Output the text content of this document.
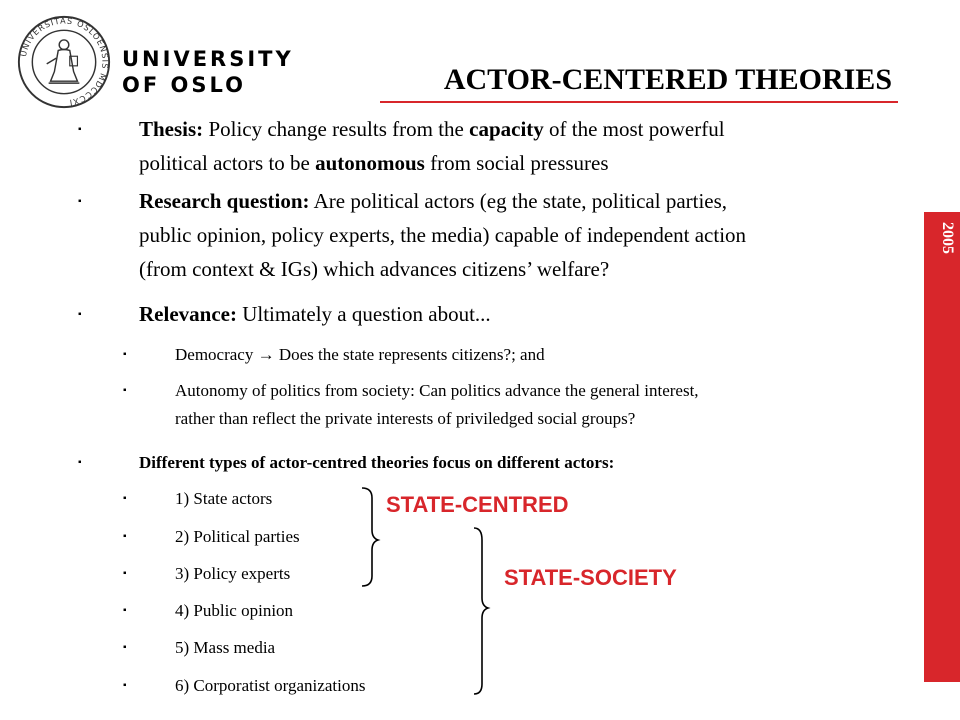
UNIVERSITAS OSLOENSIS MDCCCXI
UNIVERSITY
OF OSLO	ACTOR-CENTERED THEORIES
2005
Thesis: Policy change results from the capacity of the most powerful
political actors to be autonomous from social pressures
▪
Research question: Are political actors (eg the state, political parties,
public opinion, policy experts, the media) capable of independent action
(from context & IGs) which advances citizens’ welfare?
▪
Relevance: Ultimately a question about...
▪
Democracy → Does the state represents citizens?; and
▪
Autonomy of politics from society: Can politics advance the general interest,
rather than reflect the private interests of priviledged social groups?
▪
Different types of actor-centred theories focus on different actors:
▪
1) State actors
▪
2) Political parties
▪
3) Policy experts
▪
4) Public opinion
▪
5) Mass media
▪
6) Corporatist organizations
▪
STATE-CENTRED
STATE-SOCIETY
